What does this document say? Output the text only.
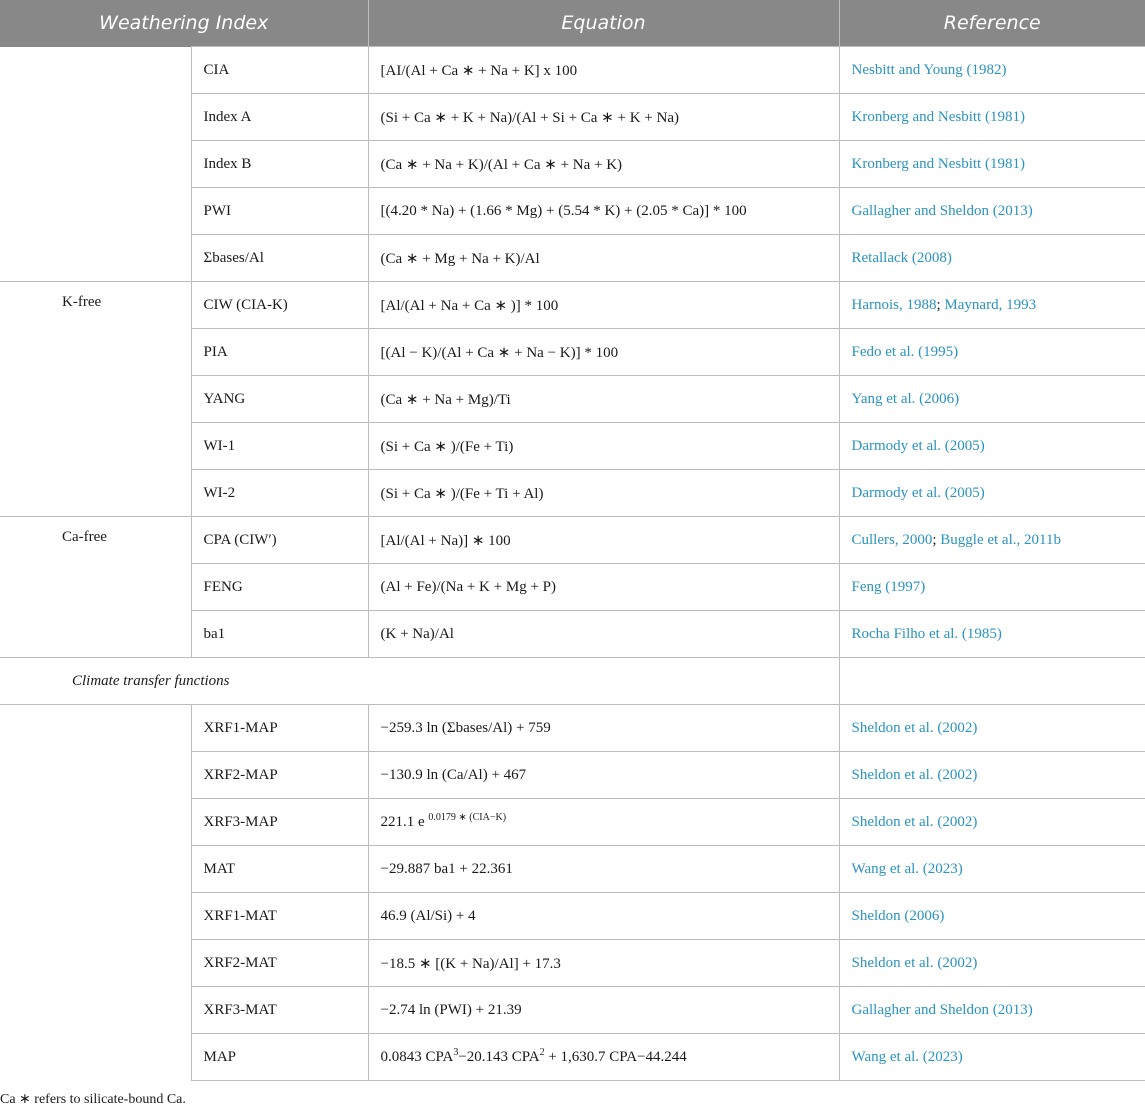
Weathering Index		Equation	Reference
	CIA	[AI/(Al + Ca ∗ + Na + K] x 100	Nesbitt and Young (1982)
	Index A	(Si + Ca ∗ + K + Na)/(Al + Si + Ca ∗ + K + Na)	Kronberg and Nesbitt (1981)
	Index B	(Ca ∗ + Na + K)/(Al + Ca ∗ + Na + K)	Kronberg and Nesbitt (1981)
	PWI	[(4.20 * Na) + (1.66 * Mg) + (5.54 * K) + (2.05 * Ca)] * 100	Gallagher and Sheldon (2013)
	Σbases/Al	(Ca ∗ + Mg + Na + K)/Al	Retallack (2008)
K-free	CIW (CIA-K)	[Al/(Al + Na + Ca ∗ )] * 100	Harnois, 1988; Maynard, 1993
	PIA	[(Al − K)/(Al + Ca ∗ + Na − K)] * 100	Fedo et al. (1995)
	YANG	(Ca ∗ + Na + Mg)/Ti	Yang et al. (2006)
	WI-1	(Si + Ca ∗ )/(Fe + Ti)	Darmody et al. (2005)
	WI-2	(Si + Ca ∗ )/(Fe + Ti + Al)	Darmody et al. (2005)
Ca-free	CPA (CIW′)	[Al/(Al + Na)] ∗ 100	Cullers, 2000; Buggle et al., 2011b
	FENG	(Al + Fe)/(Na + K + Mg + P)	Feng (1997)
	ba1	(K + Na)/Al	Rocha Filho et al. (1985)
Climate transfer functions			
	XRF1-MAP	−259.3 ln (Σbases/Al) + 759	Sheldon et al. (2002)
	XRF2-MAP	−130.9 ln (Ca/Al) + 467	Sheldon et al. (2002)
	XRF3-MAP	221.1 e $^{0.0179 ∗ (CIA-K)}$	Sheldon et al. (2002)
	MAT	−29.887 ba1 + 22.361	Wang et al. (2023)
	XRF1-MAT	46.9 (Al/Si) + 4	Sheldon (2006)
	XRF2-MAT	−18.5 ∗ [(K + Na)/Al] + 17.3	Sheldon et al. (2002)
	XRF3-MAT	−2.74 ln (PWI) + 21.39	Gallagher and Sheldon (2013)
	MAP	0.0843 $CPA^3-20.143$ $CPA^2 + 1,630.7$ CPA−44.244	Wang et al. (2023)
Ca ∗ refers to silicate-bound Ca.
